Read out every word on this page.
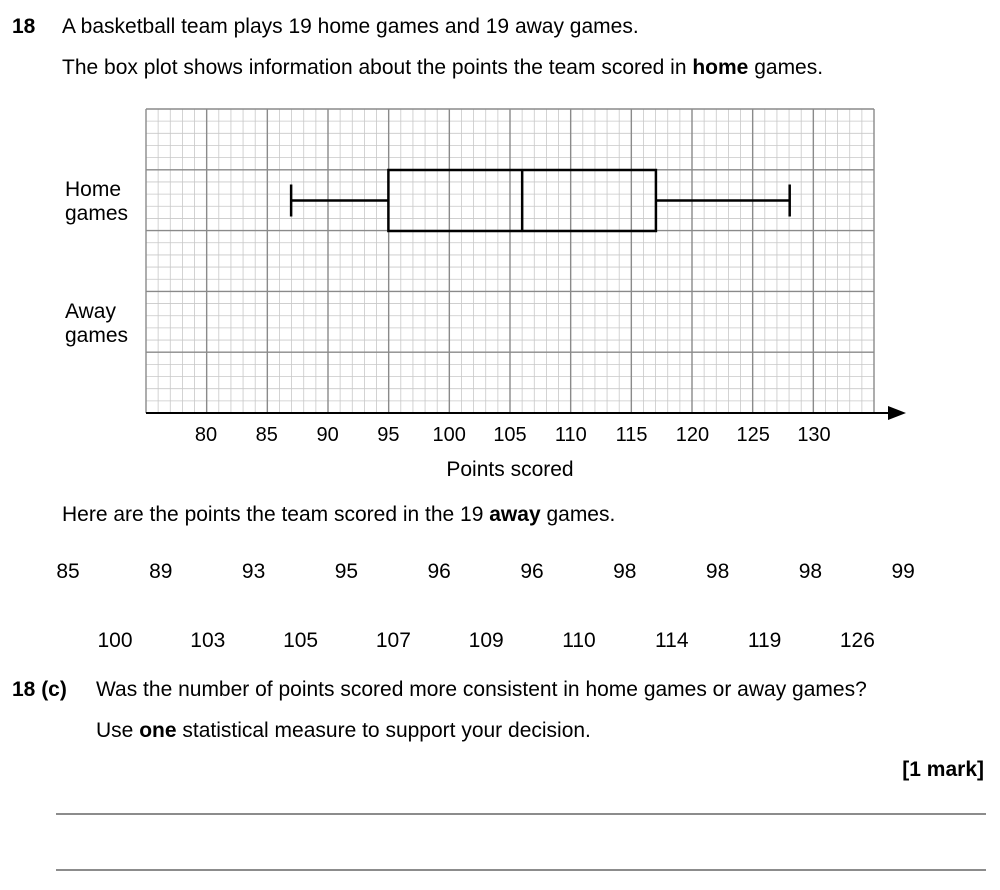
18 A basketball team plays 19 home games and 19 away games.
The box plot shows information about the points the team scored in home games.
80 85 90 95 100 105 110 115 120 125 130
Points scored
Home
games
Away
games
Here are the points the team scored in the 19 away games.
85	89	93	95	96	96	98	98	98	99
100	103	105	107	109	110	114	119	126
18 (c) Was the number of points scored more consistent in home games or away games?
Use one statistical measure to support your decision.
[1 mark]
